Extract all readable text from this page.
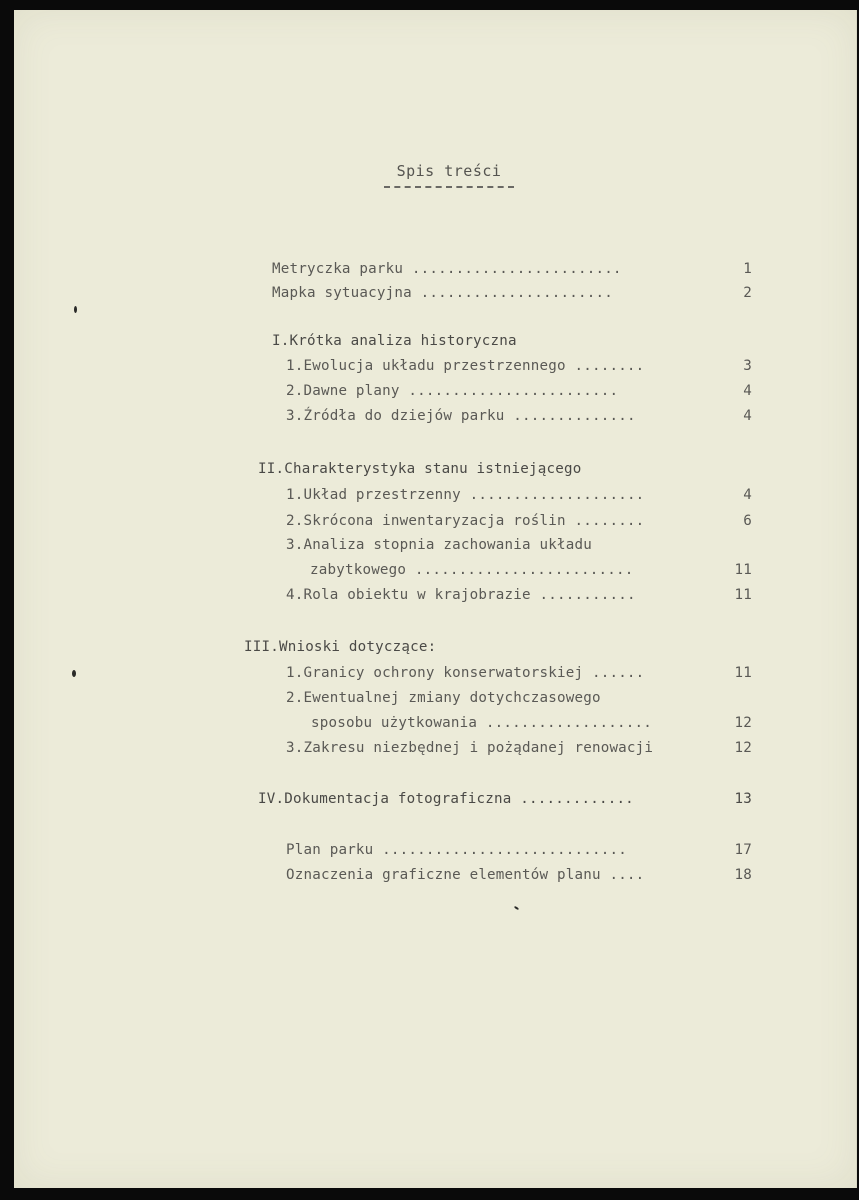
Spis treści
Metryczka parku ........................	1
Mapka sytuacyjna ......................	2
I.Krótka analiza historyczna
1.Ewolucja układu przestrzennego ........	3
2.Dawne plany ........................	4
3.Źródła do dziejów parku ..............	4
II.Charakterystyka stanu istniejącego
1.Układ przestrzenny ....................	4
2.Skrócona inwentaryzacja roślin ........	6
3.Analiza stopnia zachowania układu
zabytkowego .........................	11
4.Rola obiektu w krajobrazie ...........	11
III.Wnioski dotyczące:
1.Granicy ochrony konserwatorskiej ......	11
2.Ewentualnej zmiany dotychczasowego
sposobu użytkowania ...................	12
3.Zakresu niezbędnej i pożądanej renowacji	12
IV.Dokumentacja fotograficzna .............	13
Plan parku ............................	17
Oznaczenia graficzne elementów planu ....	18
